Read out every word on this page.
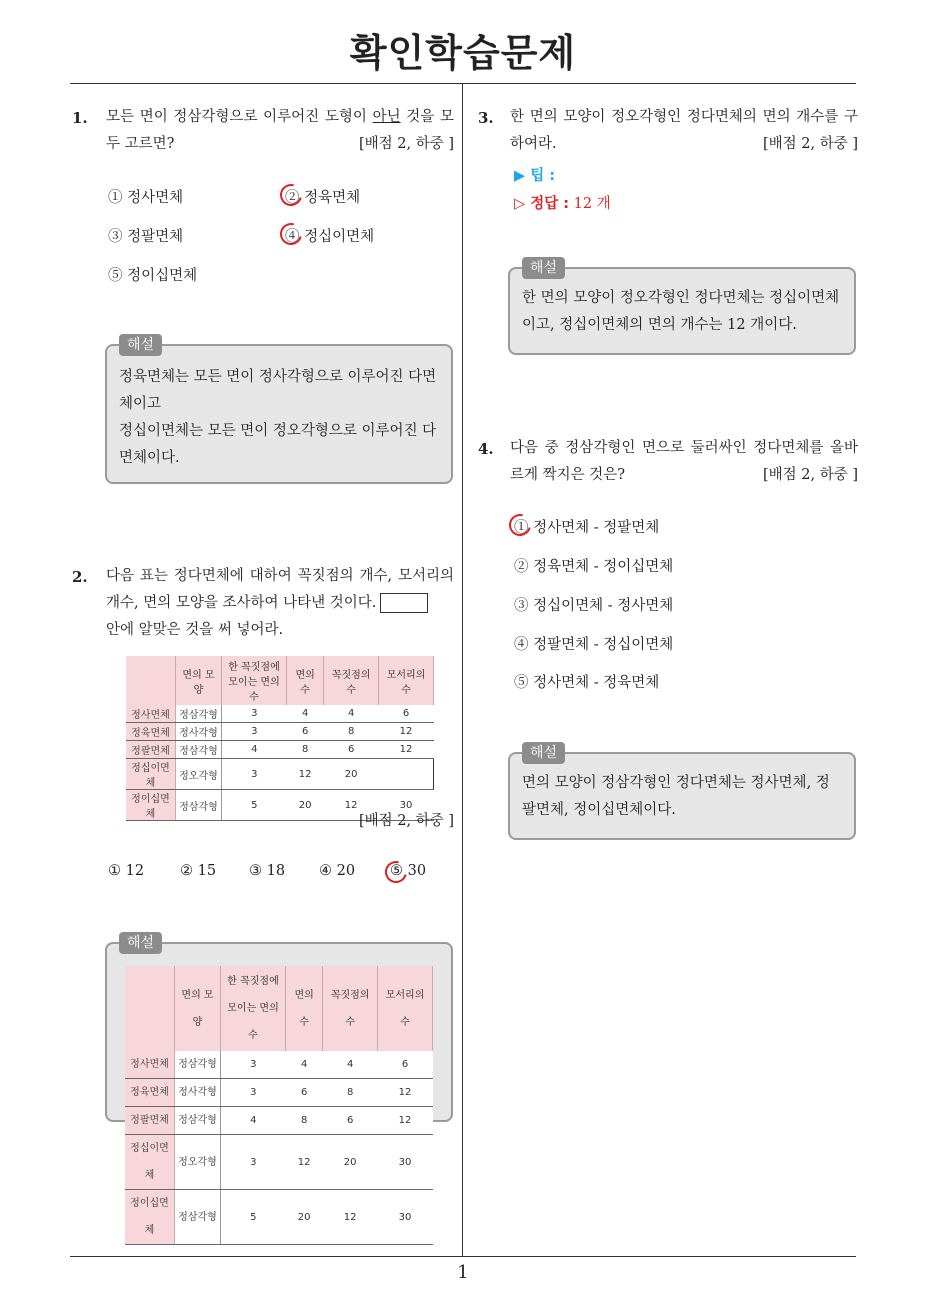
확인학습문제
1
1. 모든 면이 정삼각형으로 이루어진 도형이 아닌 것을 모두 고르면?	[배점 2, 하중 ]
① 정사면체	② 정육면체
③ 정팔면체	④ 정십이면체
⑤ 정이십면체
해설
정육면체는 모든 면이 정사각형으로 이루어진 다면체이고
정십이면체는 모든 면이 정오각형으로 이루어진 다면체이다.
2. 다음 표는 정다면체에 대하여 꼭짓점의 개수, 모서리의 개수, 면의 모양을 조사하여 나타낸 것이다.
안에 알맞은 것을 써 넣어라.
	면의 모양	한 꼭짓점에 모이는 면의 수	면의 수	꼭짓점의 수	모서리의 수
정사면체	정삼각형	3	4	4	6
정육면체	정사각형	3	6	8	12
정팔면체	정삼각형	4	8	6	12
정십이면체	정오각형	3	12	20	
정이십면체	정삼각형	5	20	12	30
[배점 2, 하중 ]
① 12 ② 15 ③ 18 ④ 20 ⑤ 30
해설
	면의 모양	한 꼭짓점에 모이는 면의 수	면의 수	꼭짓점의 수	모서리의 수
정사면체	정삼각형	3	4	4	6
정육면체	정사각형	3	6	8	12
정팔면체	정삼각형	4	8	6	12
정십이면체	정오각형	3	12	20	30
정이십면체	정삼각형	5	20	12	30
3. 한 면의 모양이 정오각형인 정다면체의 면의 개수를 구하여라.	[배점 2, 하중 ]
▶ 팁 :
▷ 정답 : 12 개
해설
한 면의 모양이 정오각형인 정다면체는 정십이면체이고, 정십이면체의 면의 개수는 12 개이다.
4. 다음 중 정삼각형인 면으로 둘러싸인 정다면체를 올바르게 짝지은 것은?	[배점 2, 하중 ]
① 정사면체 - 정팔면체
② 정육면체 - 정이십면체
③ 정십이면체 - 정사면체
④ 정팔면체 - 정십이면체
⑤ 정사면체 - 정육면체
해설
면의 모양이 정삼각형인 정다면체는 정사면체, 정팔면체, 정이십면체이다.
